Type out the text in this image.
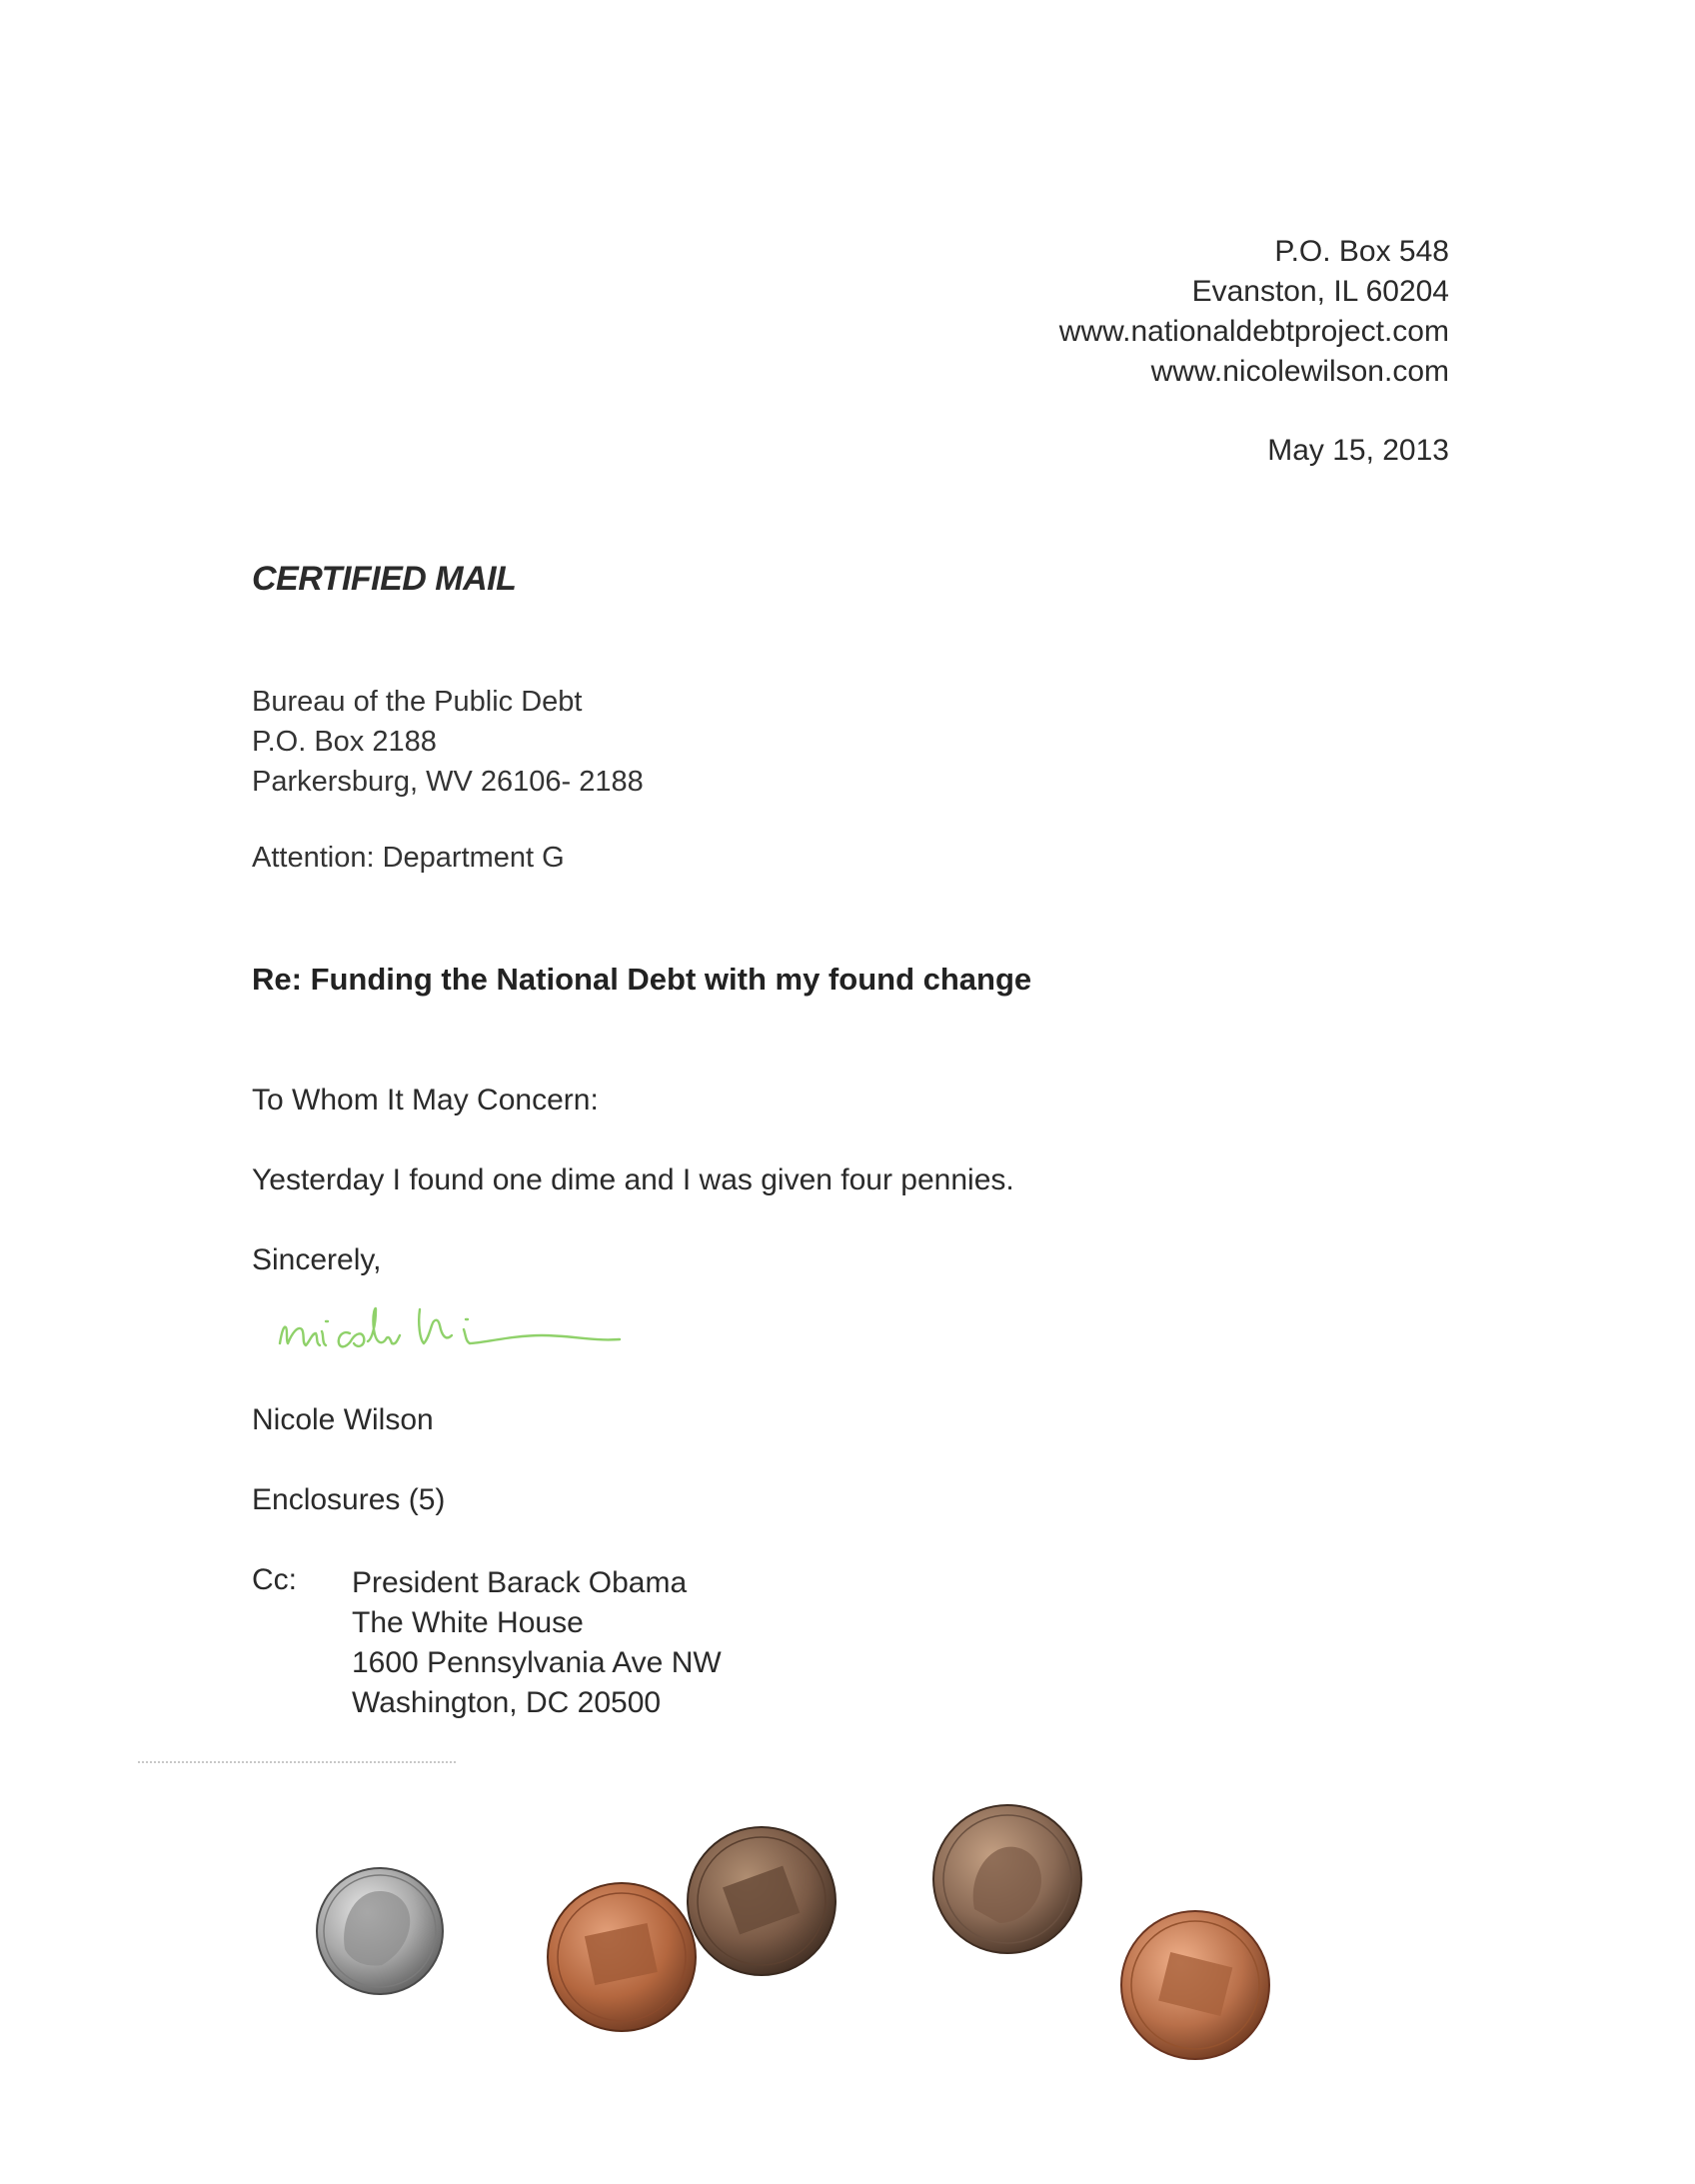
P.O. Box 548
Evanston, IL 60204
www.nationaldebtproject.com
www.nicolewilson.com
May 15, 2013
CERTIFIED MAIL
Bureau of the Public Debt
P.O. Box 2188
Parkersburg, WV 26106- 2188
Attention: Department G
Re: Funding the National Debt with my found change
To Whom It May Concern:
Yesterday I found one dime and I was given four pennies.
Sincerely,
Nicole Wilson
Enclosures (5)
Cc: President Barack Obama
The White House
1600 Pennsylvania Ave NW
Washington, DC 20500
